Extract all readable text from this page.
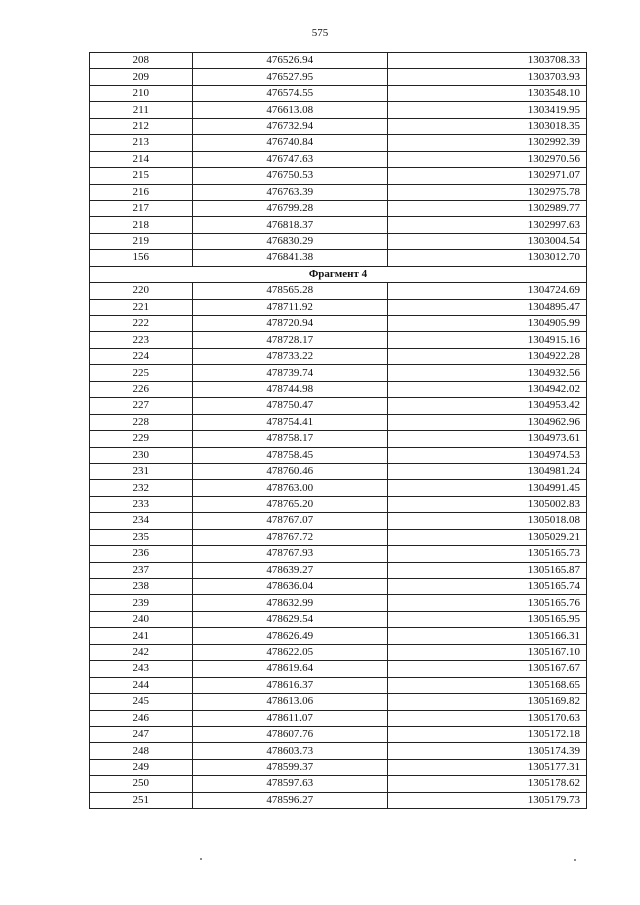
575
208	476526.94	1303708.33
209	476527.95	1303703.93
210	476574.55	1303548.10
211	476613.08	1303419.95
212	476732.94	1303018.35
213	476740.84	1302992.39
214	476747.63	1302970.56
215	476750.53	1302971.07
216	476763.39	1302975.78
217	476799.28	1302989.77
218	476818.37	1302997.63
219	476830.29	1303004.54
156	476841.38	1303012.70
Фрагмент 4		
220	478565.28	1304724.69
221	478711.92	1304895.47
222	478720.94	1304905.99
223	478728.17	1304915.16
224	478733.22	1304922.28
225	478739.74	1304932.56
226	478744.98	1304942.02
227	478750.47	1304953.42
228	478754.41	1304962.96
229	478758.17	1304973.61
230	478758.45	1304974.53
231	478760.46	1304981.24
232	478763.00	1304991.45
233	478765.20	1305002.83
234	478767.07	1305018.08
235	478767.72	1305029.21
236	478767.93	1305165.73
237	478639.27	1305165.87
238	478636.04	1305165.74
239	478632.99	1305165.76
240	478629.54	1305165.95
241	478626.49	1305166.31
242	478622.05	1305167.10
243	478619.64	1305167.67
244	478616.37	1305168.65
245	478613.06	1305169.82
246	478611.07	1305170.63
247	478607.76	1305172.18
248	478603.73	1305174.39
249	478599.37	1305177.31
250	478597.63	1305178.62
251	478596.27	1305179.73
